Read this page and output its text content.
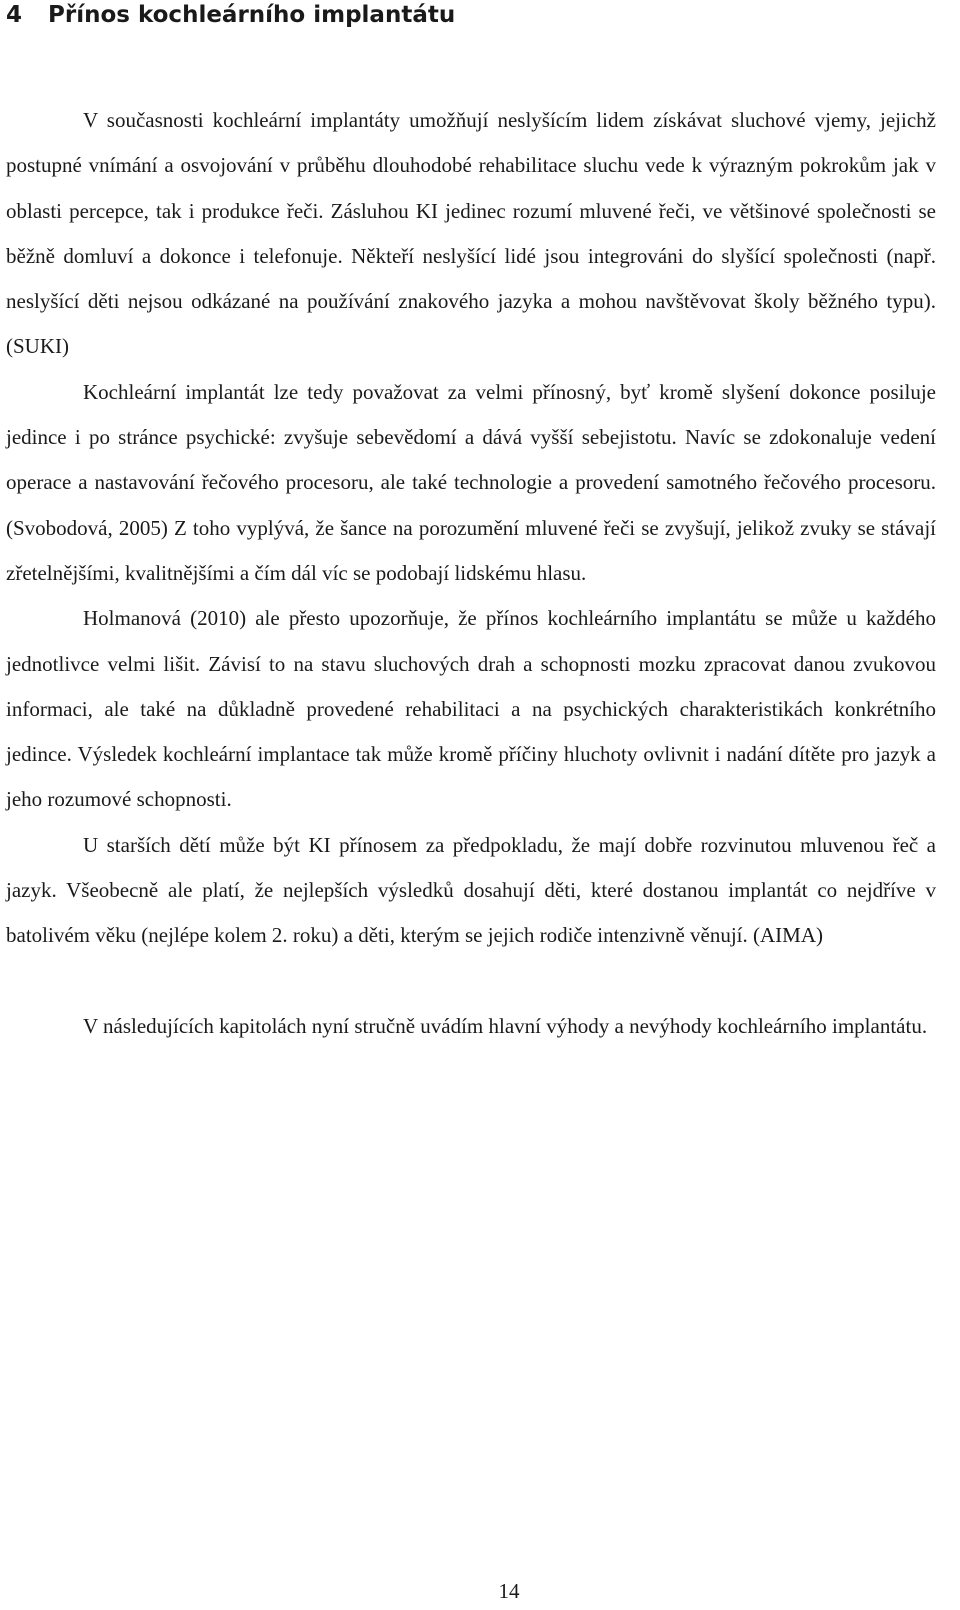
4 Přínos kochleárního implantátu

V současnosti kochleární implantáty umožňují neslyšícím lidem získávat sluchové vjemy, jejichž postupné vnímání a osvojování v průběhu dlouhodobé rehabilitace sluchu vede k výrazným pokrokům jak v oblasti percepce, tak i produkce řeči. Zásluhou KI jedinec rozumí mluvené řeči, ve většinové společnosti se běžně domluví a dokonce i telefonuje. Někteří neslyšící lidé jsou integrováni do slyšící společnosti (např. neslyšící děti nejsou odkázané na používání znakového jazyka a mohou navštěvovat školy běžného typu). (SUKI)

Kochleární implantát lze tedy považovat za velmi přínosný, byť kromě slyšení dokonce posiluje jedince i po stránce psychické: zvyšuje sebevědomí a dává vyšší sebejistotu. Navíc se zdokonaluje vedení operace a nastavování řečového procesoru, ale také technologie a provedení samotného řečového procesoru. (Svobodová, 2005) Z toho vyplývá, že šance na porozumění mluvené řeči se zvyšují, jelikož zvuky se stávají zřetelnějšími, kvalitnějšími a čím dál víc se podobají lidskému hlasu.

Holmanová (2010) ale přesto upozorňuje, že přínos kochleárního implantátu se může u každého jednotlivce velmi lišit. Závisí to na stavu sluchových drah a schopnosti mozku zpracovat danou zvukovou informaci, ale také na důkladně provedené rehabilitaci a na psychických charakteristikách konkrétního jedince. Výsledek kochleární implantace tak může kromě příčiny hluchoty ovlivnit i nadání dítěte pro jazyk a jeho rozumové schopnosti.

U starších dětí může být KI přínosem za předpokladu, že mají dobře rozvinutou mluvenou řeč a jazyk. Všeobecně ale platí, že nejlepších výsledků dosahují děti, které dostanou implantát co nejdříve v batolivém věku (nejlépe kolem 2. roku) a děti, kterým se jejich rodiče intenzivně věnují. (AIMA)

V následujících kapitolách nyní stručně uvádím hlavní výhody a nevýhody kochleárního implantátu.

14
